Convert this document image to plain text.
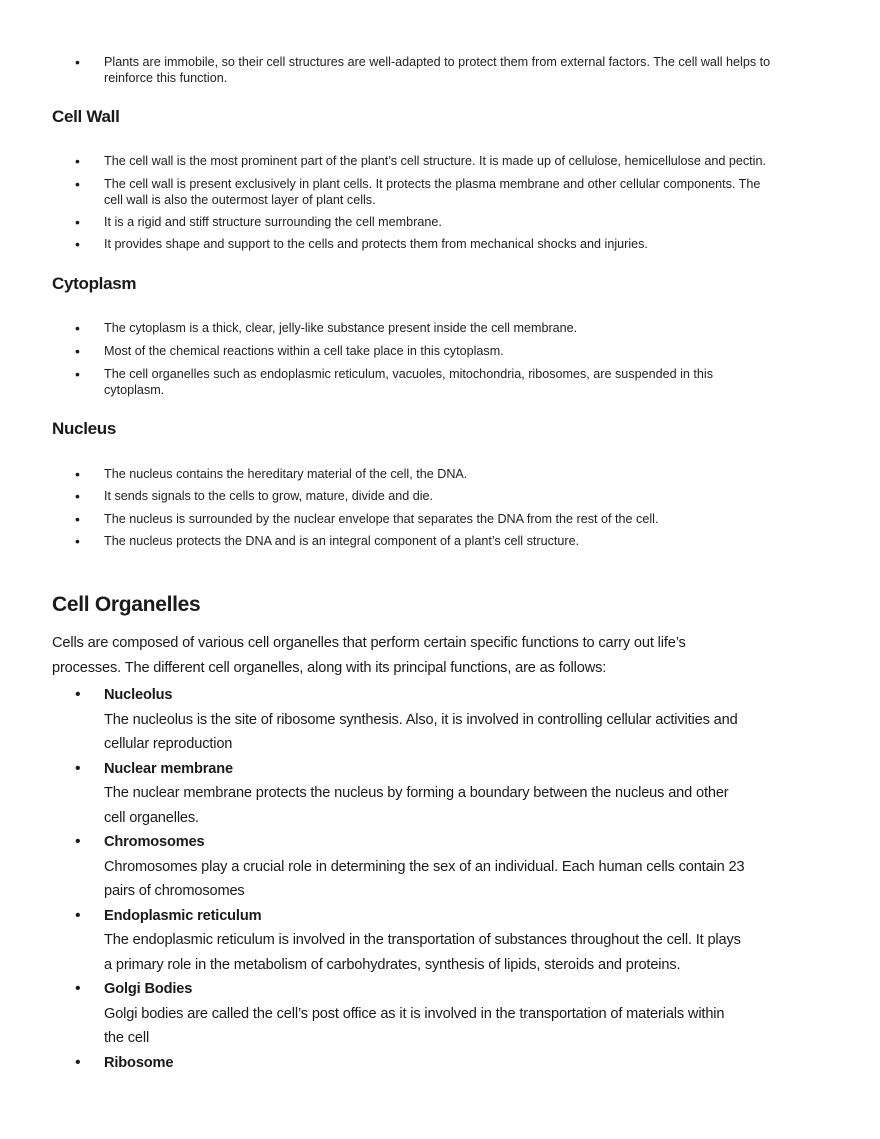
• Plants are immobile, so their cell structures are well-adapted to protect them from external factors. The cell wall helps to
reinforce this function.
Cell Wall
• The cell wall is the most prominent part of the plant’s cell structure. It is made up of cellulose, hemicellulose and pectin.
• The cell wall is present exclusively in plant cells. It protects the plasma membrane and other cellular components. The
cell wall is also the outermost layer of plant cells.
• It is a rigid and stiff structure surrounding the cell membrane.
• It provides shape and support to the cells and protects them from mechanical shocks and injuries.
Cytoplasm
• The cytoplasm is a thick, clear, jelly-like substance present inside the cell membrane.
• Most of the chemical reactions within a cell take place in this cytoplasm.
• The cell organelles such as endoplasmic reticulum, vacuoles, mitochondria, ribosomes, are suspended in this
cytoplasm.
Nucleus
• The nucleus contains the hereditary material of the cell, the DNA.
• It sends signals to the cells to grow, mature, divide and die.
• The nucleus is surrounded by the nuclear envelope that separates the DNA from the rest of the cell.
• The nucleus protects the DNA and is an integral component of a plant’s cell structure.
Cell Organelles
Cells are composed of various cell organelles that perform certain specific functions to carry out life’s
processes. The different cell organelles, along with its principal functions, are as follows:
• Nucleolus
The nucleolus is the site of ribosome synthesis. Also, it is involved in controlling cellular activities and
cellular reproduction
• Nuclear membrane
The nuclear membrane protects the nucleus by forming a boundary between the nucleus and other
cell organelles.
• Chromosomes
Chromosomes play a crucial role in determining the sex of an individual. Each human cells contain 23
pairs of chromosomes
• Endoplasmic reticulum
The endoplasmic reticulum is involved in the transportation of substances throughout the cell. It plays
a primary role in the metabolism of carbohydrates, synthesis of lipids, steroids and proteins.
• Golgi Bodies
Golgi bodies are called the cell’s post office as it is involved in the transportation of materials within
the cell
• Ribosome
